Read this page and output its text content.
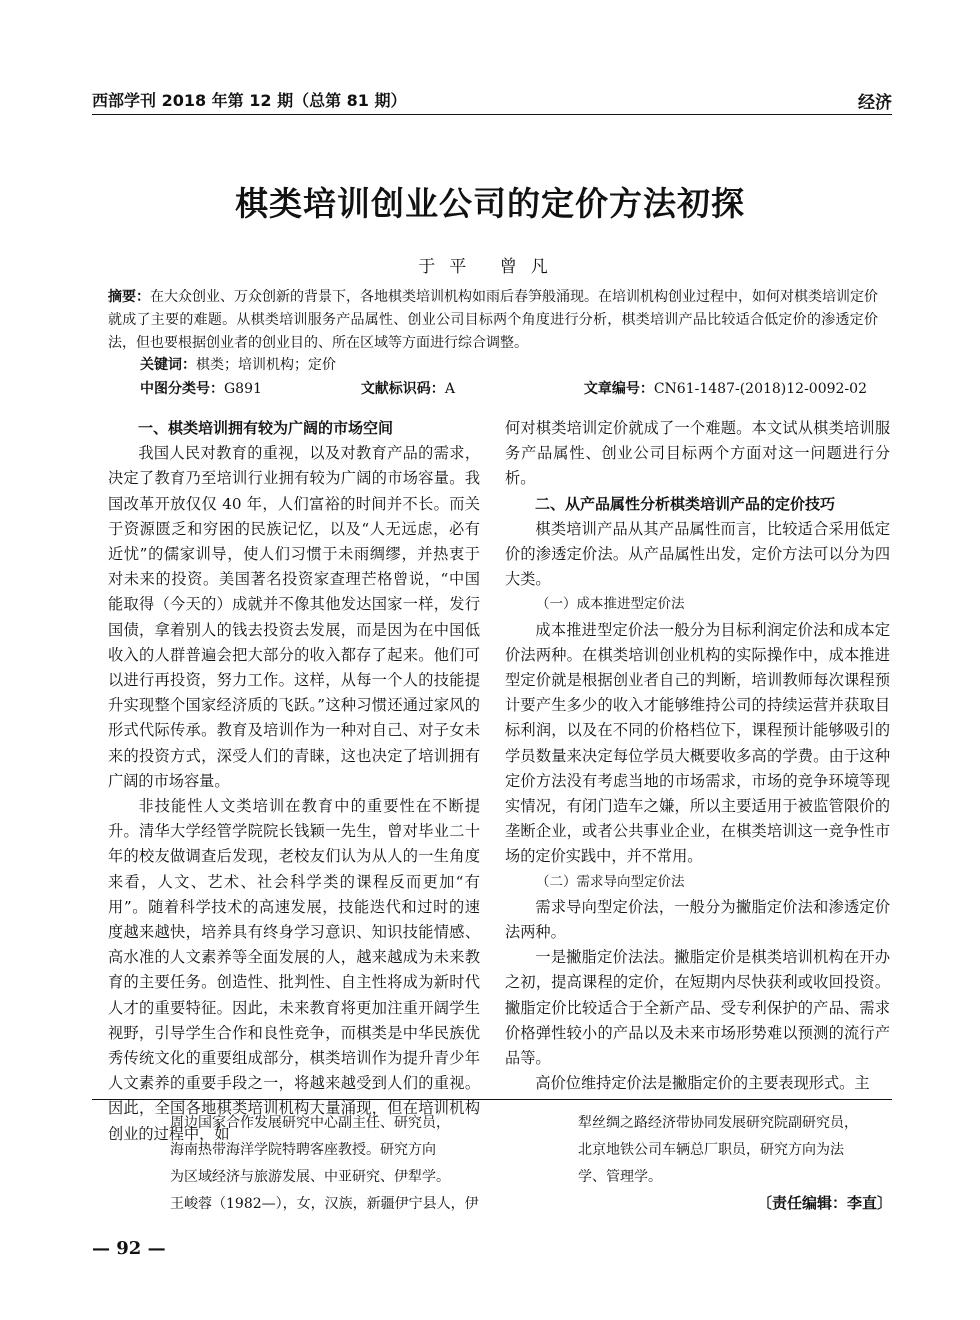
西部学刊 2018 年第 12 期（总第 81 期）	经济
棋类培训创业公司的定价方法初探
于平 曾凡
摘要：在大众创业、万众创新的背景下，各地棋类培训机构如雨后春笋般涌现。在培训机构创业过程中，如何对棋类培训定价就成了主要的难题。从棋类培训服务产品属性、创业公司目标两个角度进行分析，棋类培训产品比较适合低定价的渗透定价法，但也要根据创业者的创业目的、所在区域等方面进行综合调整。
关键词：棋类；培训机构；定价
中图分类号：G891	文献标识码：A	文章编号：CN61-1487-(2018)12-0092-02
一、棋类培训拥有较为广阔的市场空间

我国人民对教育的重视，以及对教育产品的需求，决定了教育乃至培训行业拥有较为广阔的市场容量。我国改革开放仅仅 40 年，人们富裕的时间并不长。而关于资源匮乏和穷困的民族记忆，以及“人无远虑，必有近忧”的儒家训导，使人们习惯于未雨绸缪，并热衷于对未来的投资。美国著名投资家查理芒格曾说，“中国能取得（今天的）成就并不像其他发达国家一样，发行国债，拿着别人的钱去投资去发展，而是因为在中国低收入的人群普遍会把大部分的收入都存了起来。他们可以进行再投资，努力工作。这样，从每一个人的技能提升实现整个国家经济质的飞跃。”这种习惯还通过家风的形式代际传承。教育及培训作为一种对自己、对子女未来的投资方式，深受人们的青睐，这也决定了培训拥有广阔的市场容量。

非技能性人文类培训在教育中的重要性在不断提升。清华大学经管学院院长钱颖一先生，曾对毕业二十年的校友做调查后发现，老校友们认为从人的一生角度来看，人文、艺术、社会科学类的课程反而更加“有用”。随着科学技术的高速发展，技能迭代和过时的速度越来越快，培养具有终身学习意识、知识技能情感、高水准的人文素养等全面发展的人，越来越成为未来教育的主要任务。创造性、批判性、自主性将成为新时代人才的重要特征。因此，未来教育将更加注重开阔学生视野，引导学生合作和良性竞争，而棋类是中华民族优秀传统文化的重要组成部分，棋类培训作为提升青少年人文素养的重要手段之一，将越来越受到人们的重视。因此，全国各地棋类培训机构大量涌现，但在培训机构创业的过程中，如

何对棋类培训定价就成了一个难题。本文试从棋类培训服务产品属性、创业公司目标两个方面对这一问题进行分析。

二、从产品属性分析棋类培训产品的定价技巧

棋类培训产品从其产品属性而言，比较适合采用低定价的渗透定价法。从产品属性出发，定价方法可以分为四大类。

（一）成本推进型定价法

成本推进型定价法一般分为目标利润定价法和成本定价法两种。在棋类培训创业机构的实际操作中，成本推进型定价就是根据创业者自己的判断，培训教师每次课程预计要产生多少的收入才能够维持公司的持续运营并获取目标利润，以及在不同的价格档位下，课程预计能够吸引的学员数量来决定每位学员大概要收多高的学费。由于这种定价方法没有考虑当地的市场需求，市场的竞争环境等现实情况，有闭门造车之嫌，所以主要适用于被监管限价的垄断企业，或者公共事业企业，在棋类培训这一竞争性市场的定价实践中，并不常用。

（二）需求导向型定价法

需求导向型定价法，一般分为撇脂定价法和渗透定价法两种。

一是撇脂定价法法。撇脂定价是棋类培训机构在开办之初，提高课程的定价，在短期内尽快获利或收回投资。撇脂定价比较适合于全新产品、受专利保护的产品、需求价格弹性较小的产品以及未来市场形势难以预测的流行产品等。

高价位维持定价法是撇脂定价的主要表现形式。主

周边国家合作发展研究中心副主任、研究员，

海南热带海洋学院特聘客座教授。研究方向

为区域经济与旅游发展、中亚研究、伊犁学。

王峻蓉（1982—），女，汉族，新疆伊宁县人，伊

犁丝绸之路经济带协同发展研究院副研究员，

北京地铁公司车辆总厂职员，研究方向为法

学、管理学。

〔责任编辑：李直〕
— 92 —
